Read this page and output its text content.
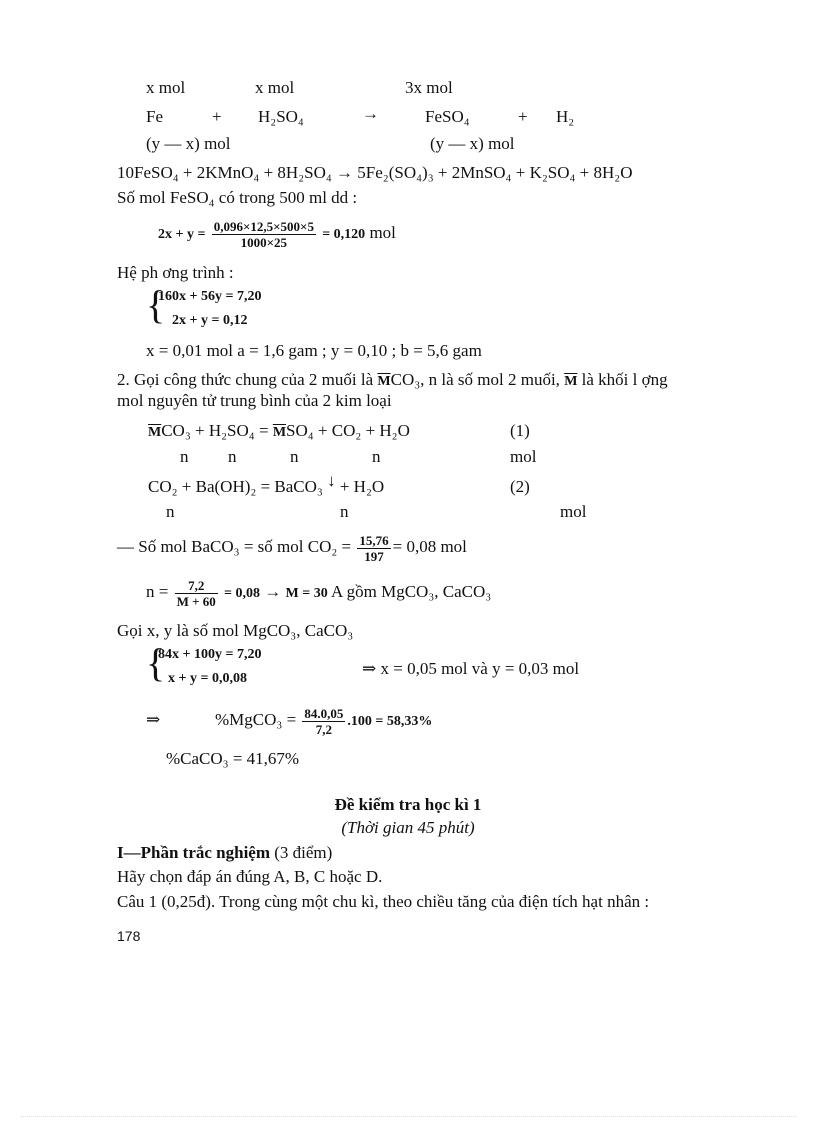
x mol	x mol	3x mol
Fe	+ H₂SO₄	→	FeSO₄	+ H₂
(y — x) mol	(y — x) mol
10FeSO₄ + 2KMnO₄ + 8H₂SO₄ → 5Fe₂(SO₄)₃ + 2MnSO₄ + K₂SO₄ + 8H₂O
Số mol FeSO₄ có trong 500 ml dd :
$2x + y = \frac{0,096\times 12,5\times 500\times 5}{1000\times 25} = 0,120$ mol
Hệ ph ơng trình :
{
160x + 56y = 7,20
2x + y = 0,12
x = 0,01 mol a = 1,6 gam ; y = 0,10 ; b = 5,6 gam
2. Gọi công thức chung của 2 muối là $\overline{M}CO_3$, n là số mol 2 muối, $\overline{M}$ là khối l ợng
mol nguyên tử trung bình của 2 kim loại
$\overline{M}CO_3 + H_2SO_4 = \overline{M}SO_4 + CO_2 + H_2O$	(1)
n n	n	n	mol
CO₂ + Ba(OH)₂ = BaCO₃ ↓ + H₂O	(2)
n	n	mol
— Số mol BaCO₃ = số mol $CO_2 = \frac{15,76}{197} = 0,08$ mol
$n = \frac{7,2}{M + 60} = 0,08 \to M = 30$ A gồm MgCO₃, CaCO₃
Gọi x, y là số mol MgCO₃, CaCO₃
{
84x + 100y = 7,20
x + y = 0,0,08
⇒ x = 0,05 mol và y = 0,03 mol
⇒	%MgCO₃ = $\frac{84.0,05}{7,2} .100 = 58,33\%$
%CaCO₃ = 41,67%
Đề kiểm tra học kì 1
(Thời gian 45 phút)
I—Phần trắc nghiệm (3 điểm)
Hãy chọn đáp án đúng A, B, C hoặc D.
Câu 1 (0,25đ). Trong cùng một chu kì, theo chiều tăng của điện tích hạt nhân :
178
